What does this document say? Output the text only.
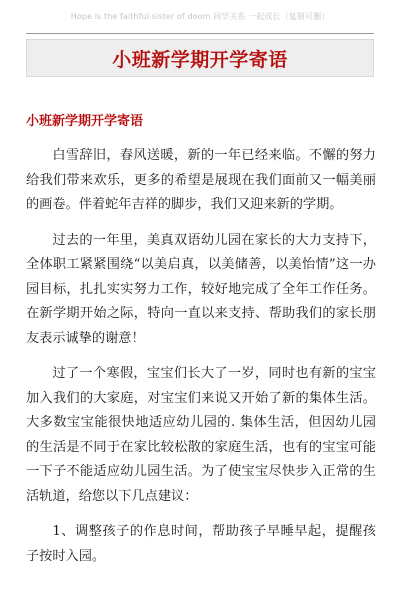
Hope is the faithful sister of doom 同学关系 一起成长（复制可删）
小班新学期开学寄语
小班新学期开学寄语

白雪辞旧，春风送暖，新的一年已经来临。不懈的努力给我们带来欢乐，更多的希望是展现在我们面前又一幅美丽的画卷。伴着蛇年吉祥的脚步，我们又迎来新的学期。

过去的一年里，美真双语幼儿园在家长的大力支持下，全体职工紧紧围绕“以美启真，以美储善，以美怡情”这一办园目标，扎扎实实努力工作，较好地完成了全年工作任务。在新学期开始之际，特向一直以来支持、帮助我们的家长朋友表示诚挚的谢意！

过了一个寒假，宝宝们长大了一岁，同时也有新的宝宝加入我们的大家庭，对宝宝们来说又开始了新的集体生活。大多数宝宝能很快地适应幼儿园的. 集体生活，但因幼儿园的生活是不同于在家比较松散的家庭生活，也有的宝宝可能一下子不能适应幼儿园生活。为了使宝宝尽快步入正常的生活轨道，给您以下几点建议：

1、调整孩子的作息时间，帮助孩子早睡早起，提醒孩子按时入园。
